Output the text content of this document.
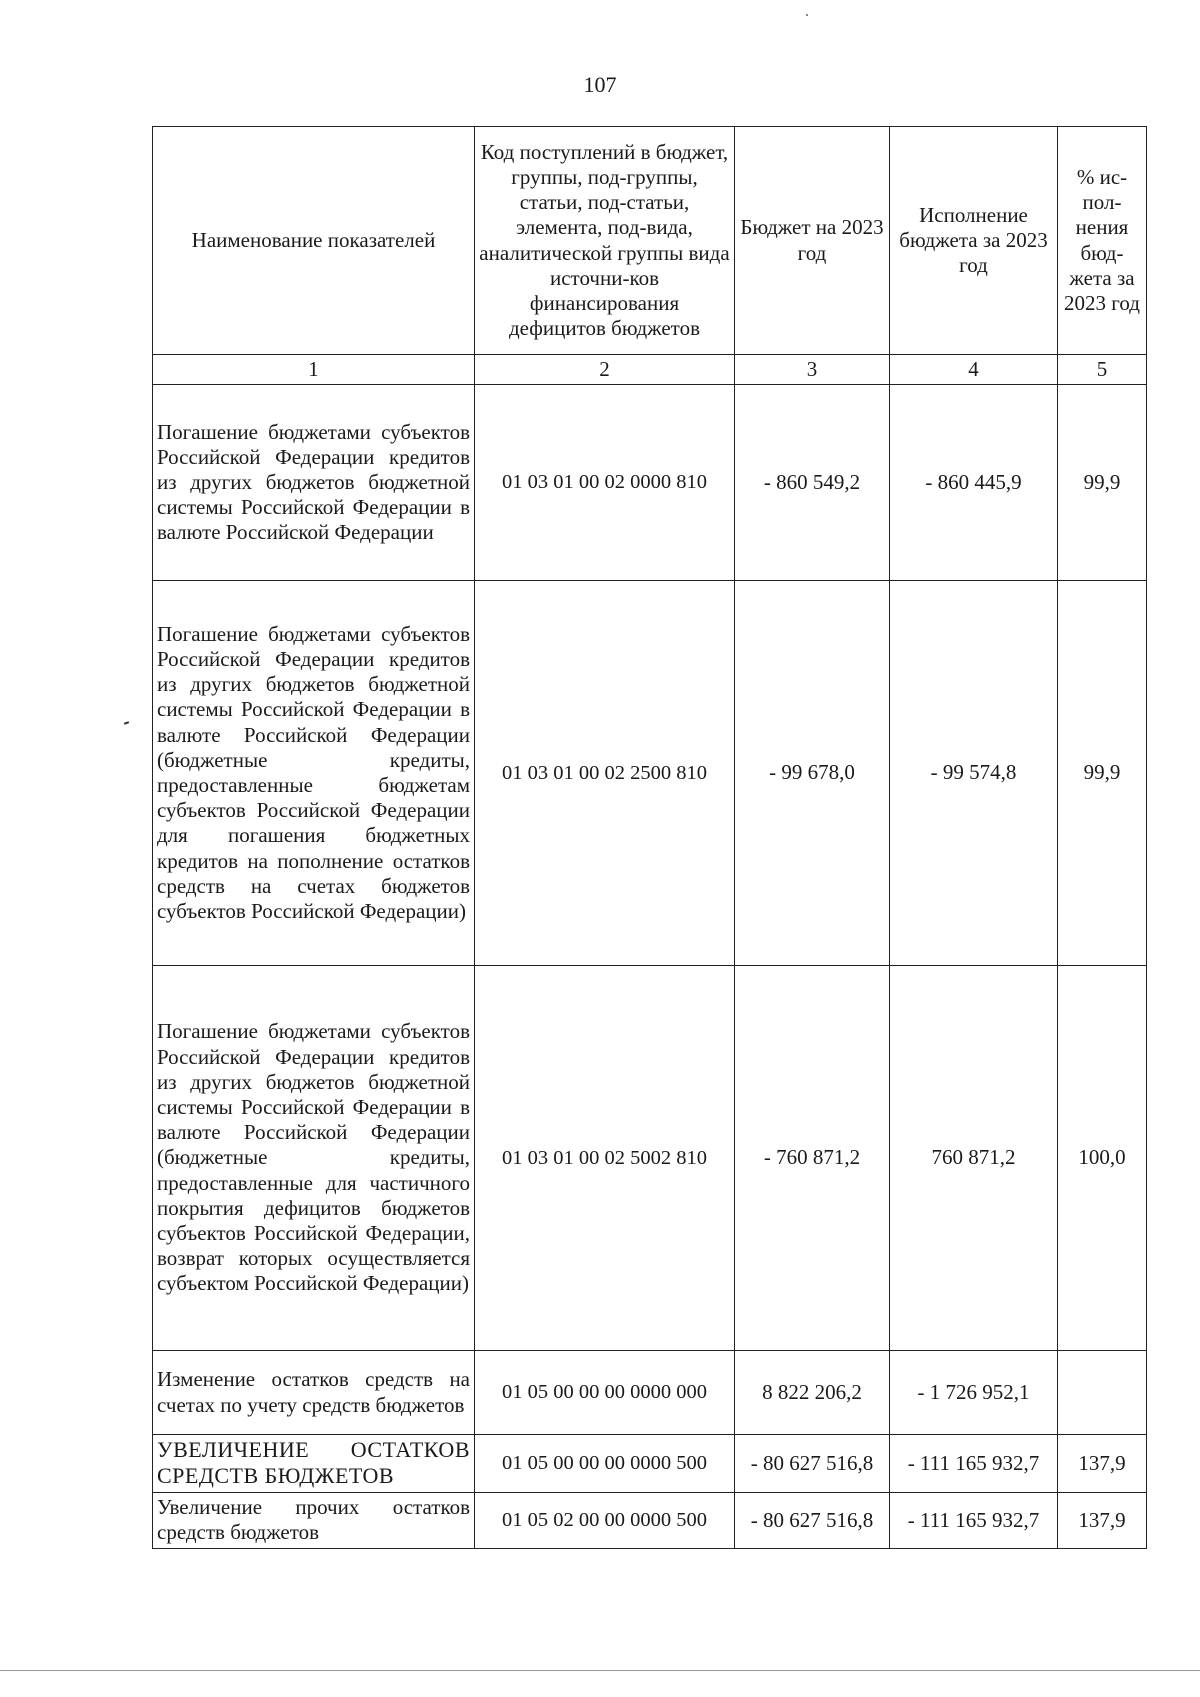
107
Наименование показателей	Код поступлений в бюджет, группы, под-группы, статьи, под-статьи, элемента, под-вида, аналитической группы вида источни-ков финансирования дефицитов бюджетов	Бюджет на 2023 год	Исполнение бюджета за 2023 год	% ис-пол-нения бюд-жета за 2023 год
1	2	3	4	5
Погашение бюджетами субъектов Российской Федерации кредитов из других бюджетов бюджетной системы Российской Федерации в валюте Российской Федерации	01 03 01 00 02 0000 810	- 860 549,2	- 860 445,9	99,9
Погашение бюджетами субъектов Российской Федерации кредитов из других бюджетов бюджетной системы Российской Федерации в валюте Российской Федерации (бюджетные кредиты, предоставленные бюджетам субъектов Российской Федерации для погашения бюджетных кредитов на пополнение остатков средств на счетах бюджетов субъектов Российской Федерации)	01 03 01 00 02 2500 810	- 99 678,0	- 99 574,8	99,9
Погашение бюджетами субъектов Российской Федерации кредитов из других бюджетов бюджетной системы Российской Федерации в валюте Российской Федерации (бюджетные кредиты, предоставленные для частичного покрытия дефицитов бюджетов субъектов Российской Федерации, возврат которых осуществляется субъектом Российской Федерации)	01 03 01 00 02 5002 810	- 760 871,2	760 871,2	100,0
Изменение остатков средств на счетах по учету средств бюджетов	01 05 00 00 00 0000 000	8 822 206,2	- 1 726 952,1	
УВЕЛИЧЕНИЕ ОСТАТКОВ СРЕДСТВ БЮДЖЕТОВ	01 05 00 00 00 0000 500	- 80 627 516,8	- 111 165 932,7	137,9
Увеличение прочих остатков средств бюджетов	01 05 02 00 00 0000 500	- 80 627 516,8	- 111 165 932,7	137,9
